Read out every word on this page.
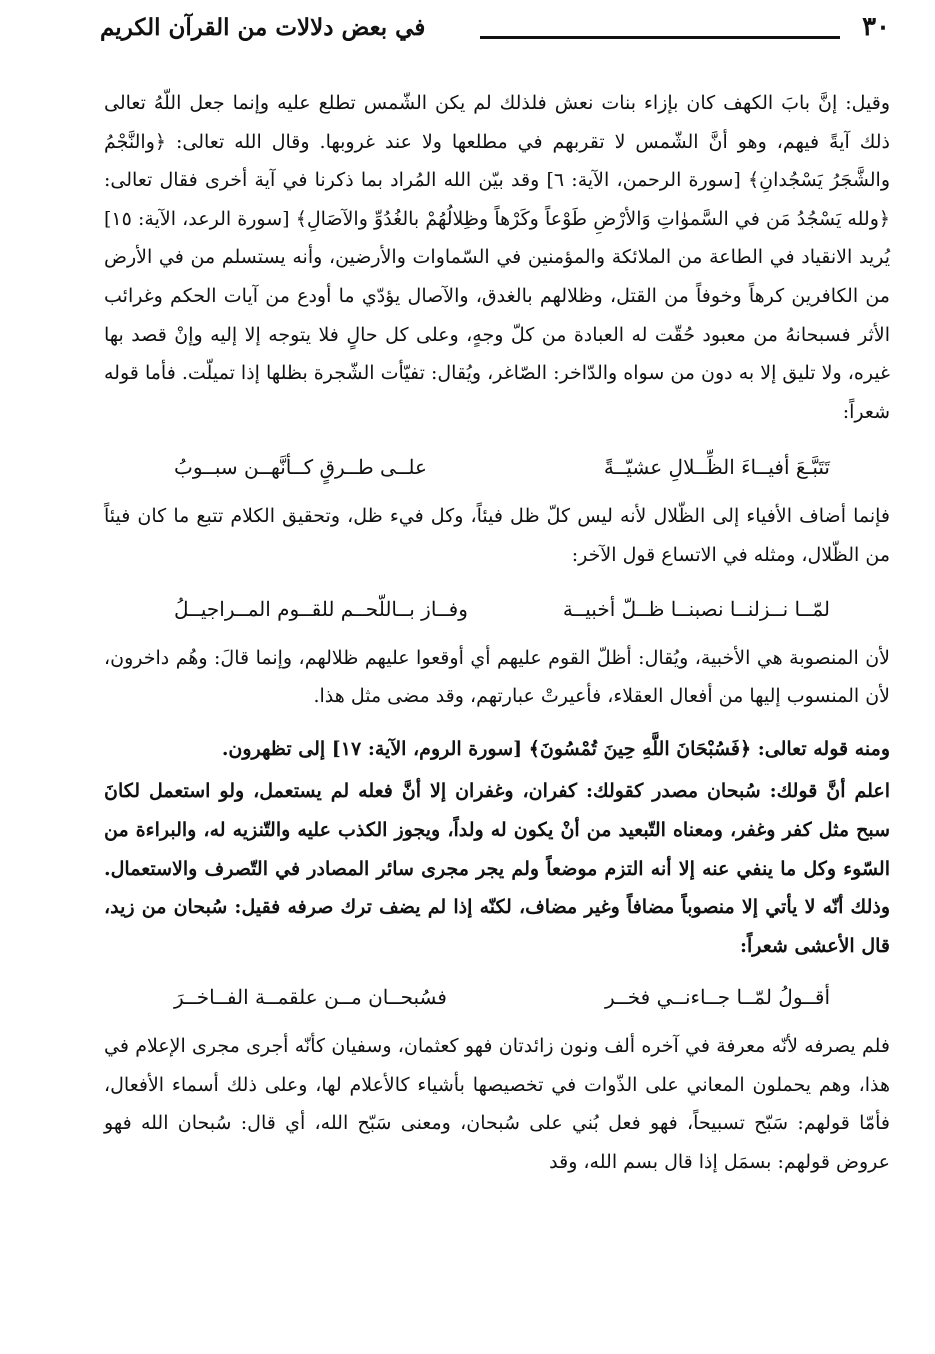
٣٠
في بعض دلالات من القرآن الكريم

وقيل: إنَّ بابَ الكهف كان بإزاء بنات نعش فلذلك لم يكن الشّمس تطلع عليه وإنما جعل اللّهُ تعالى ذلك آيةً فيهم، وهو أنَّ الشّمس لا تقربهم في مطلعها ولا عند غروبها. وقال الله تعالى: ﴿والنَّجْمُ والشَّجَرُ يَسْجُدانِ﴾ [سورة الرحمن، الآية: ٦] وقد بيّن الله المُراد بما ذكرنا في آية أخرى فقال تعالى: ﴿ولله يَسْجُدُ مَن في السَّموٰاتِ وَالأرْضِ طَوْعاً وكَرْهاً وظِلالُهُمْ بالغُدُوِّ والآصَالِ﴾ [سورة الرعد، الآية: ١٥] يُريد الانقياد في الطاعة من الملائكة والمؤمنين في السّماوات والأرضين، وأنه يستسلم من في الأرض من الكافرين كرهاً وخوفاً من القتل، وظلالهم بالغدق، والآصال يؤدّي ما أودع من آيات الحكم وغرائب الأثر فسبحانهُ من معبود حُقّت له العبادة من كلّ وجهٍ، وعلى كل حالٍ فلا يتوجه إلا إليه وإنْ قصد بها غيره، ولا تليق إلا به دون من سواه والدّاخر: الصّاغر، ويُقال: تفيّأت الشّجرة بظلها إذا تميلّت. فأما قوله شعراً:

تَتَبَّـعَ أفيــاءَ الظِّــلالِ عشيّــةً
علــى طــرقٍ كــأنَّهــن سبــوبُ

فإنما أضاف الأفياء إلى الظّلال لأنه ليس كلّ ظل فيئاً، وكل فيء ظل، وتحقيق الكلام تتبع ما كان فيئاً من الظّلال، ومثله في الاتساع قول الآخر:

لمّــا نــزلنــا نصبنــا ظــلّ أخبيــة
وفــاز بــاللّحــم للقــوم المــراجيــلُ

لأن المنصوبة هي الأخبية، ويُقال: أظلّ القوم عليهم أي أوقعوا عليهم ظلالهم، وإنما قالَ: وهُم داخرون، لأن المنسوب إليها من أفعال العقلاء، فأعيرتْ عبارتهم، وقد مضى مثل هذا.

ومنه قوله تعالى: ﴿فَسُبْحَانَ اللَّهِ حِينَ تُمْسُونَ﴾ [سورة الروم، الآية: ١٧] إلى تظهرون.

اعلم أنَّ قولك: سُبحان مصدر كقولك: كفران، وغفران إلا أنَّ فعله لم يستعمل، ولو استعمل لكانَ سبح مثل كفر وغفر، ومعناه التّبعيد من أنْ يكون له ولداً، ويجوز الكذب عليه والتّنزيه له، والبراءة من السّوء وكل ما ينفي عنه إلا أنه التزم موضعاً ولم يجر مجرى سائر المصادر في التّصرف والاستعمال. وذلك أنّه لا يأتي إلا منصوباً مضافاً وغير مضاف، لكنّه إذا لم يضف ترك صرفه فقيل: سُبحان من زيد، قال الأعشى شعراً:

أقــولُ لمّــا جــاءنــي فخــر
فسُبحــان مــن علقمــة الفــاخــرَ

فلم يصرفه لأنّه معرفة في آخره ألف ونون زائدتان فهو كعثمان، وسفيان كأنّه أجرى مجرى الإعلام في هذا، وهم يحملون المعاني على الذّوات في تخصيصها بأشياء كالأعلام لها، وعلى ذلك أسماء الأفعال، فأمّا قولهم: سَبّح تسبيحاً، فهو فعل بُني على سُبحان، ومعنى سَبّح الله، أي قال: سُبحان الله فهو عروض قولهم: بسمَل إذا قال بسم الله، وقد
